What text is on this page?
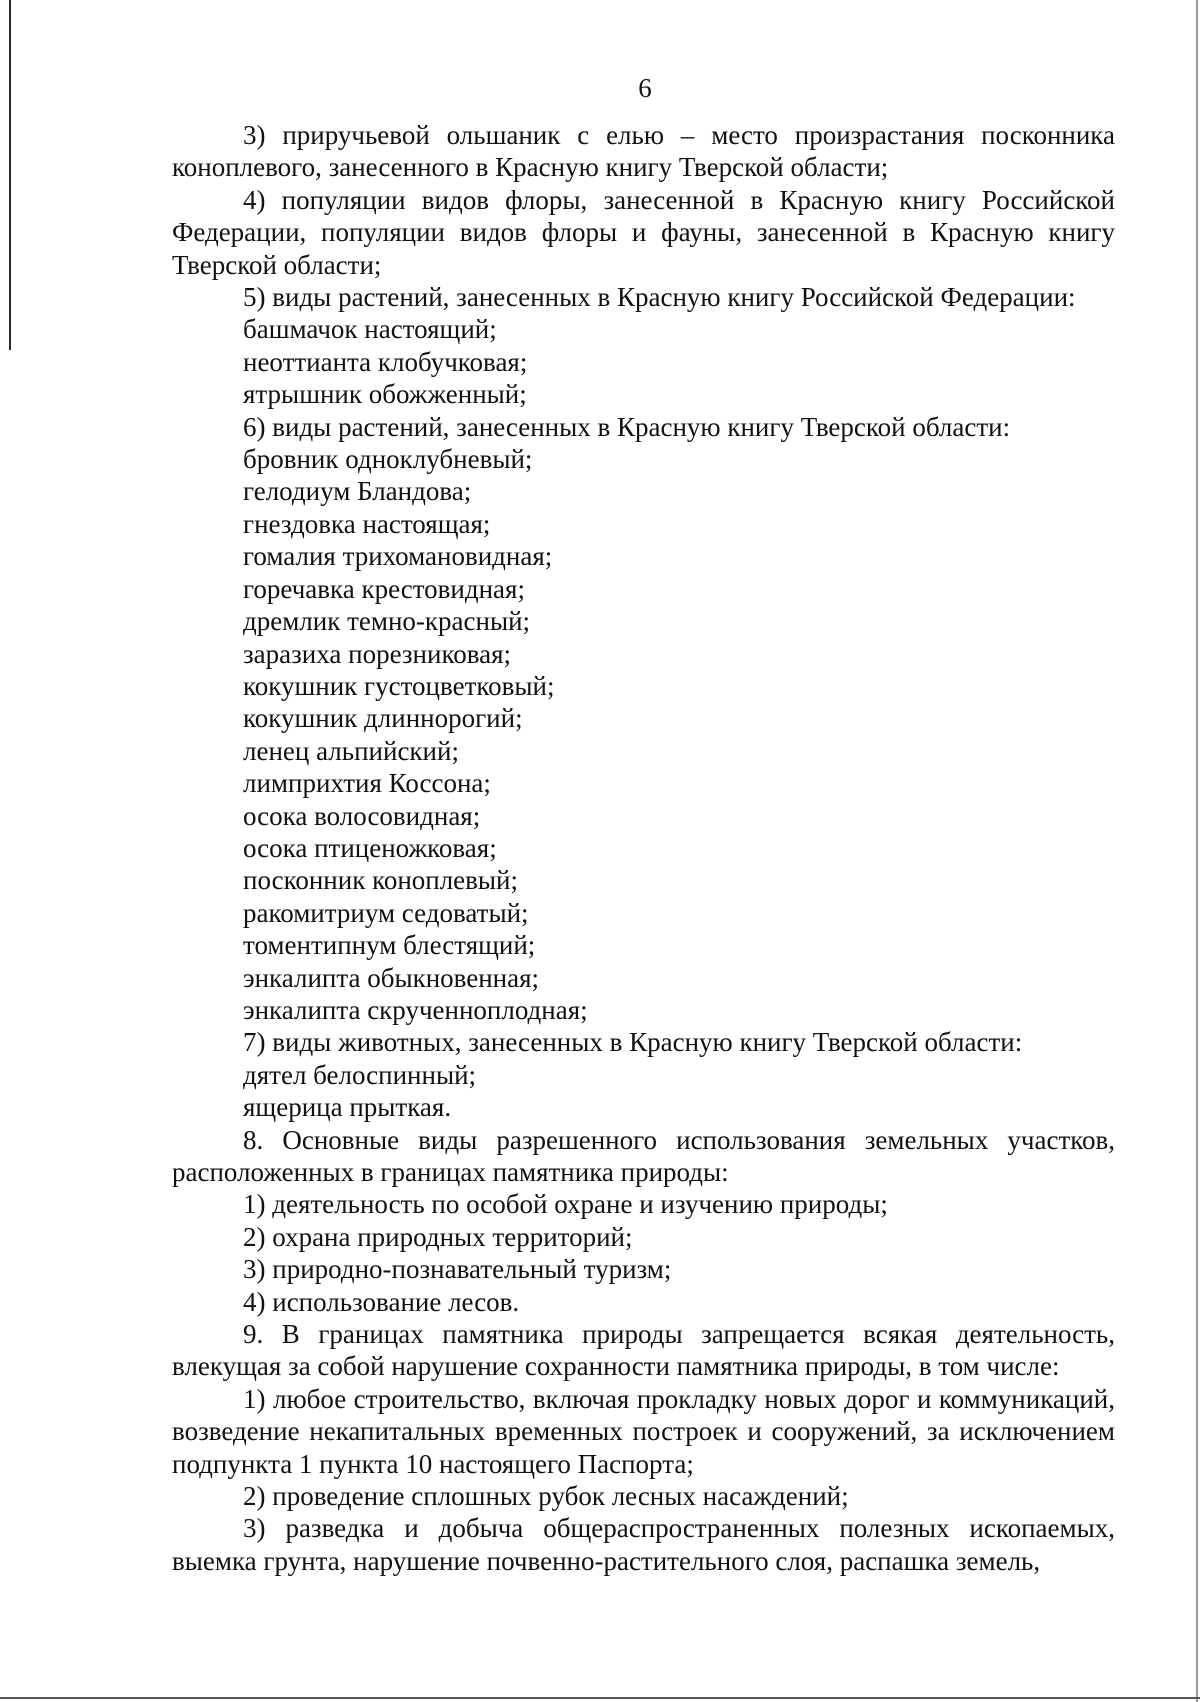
6

3) приручьевой ольшаник с елью – место произрастания посконника коноплевого, занесенного в Красную книгу Тверской области;

4) популяции видов флоры, занесенной в Красную книгу Российской Федерации, популяции видов флоры и фауны, занесенной в Красную книгу Тверской области;

5) виды растений, занесенных в Красную книгу Российской Федерации:

башмачок настоящий;

неоттианта клобучковая;

ятрышник обожженный;

6) виды растений, занесенных в Красную книгу Тверской области:

бровник одноклубневый;

гелодиум Бландова;

гнездовка настоящая;

гомалия трихомановидная;

горечавка крестовидная;

дремлик темно-красный;

заразиха порезниковая;

кокушник густоцветковый;

кокушник длиннорогий;

ленец альпийский;

лимприхтия Коссона;

осока волосовидная;

осока птиценожковая;

посконник коноплевый;

ракомитриум седоватый;

томентипнум блестящий;

энкалипта обыкновенная;

энкалипта скрученноплодная;

7) виды животных, занесенных в Красную книгу Тверской области:

дятел белоспинный;

ящерица прыткая.

8. Основные виды разрешенного использования земельных участков, расположенных в границах памятника природы:

1) деятельность по особой охране и изучению природы;

2) охрана природных территорий;

3) природно-познавательный туризм;

4) использование лесов.

9. В границах памятника природы запрещается всякая деятельность, влекущая за собой нарушение сохранности памятника природы, в том числе:

1) любое строительство, включая прокладку новых дорог и коммуникаций, возведение некапитальных временных построек и сооружений, за исключением подпункта 1 пункта 10 настоящего Паспорта;

2) проведение сплошных рубок лесных насаждений;

3) разведка и добыча общераспространенных полезных ископаемых, выемка грунта, нарушение почвенно-растительного слоя, распашка земель,
